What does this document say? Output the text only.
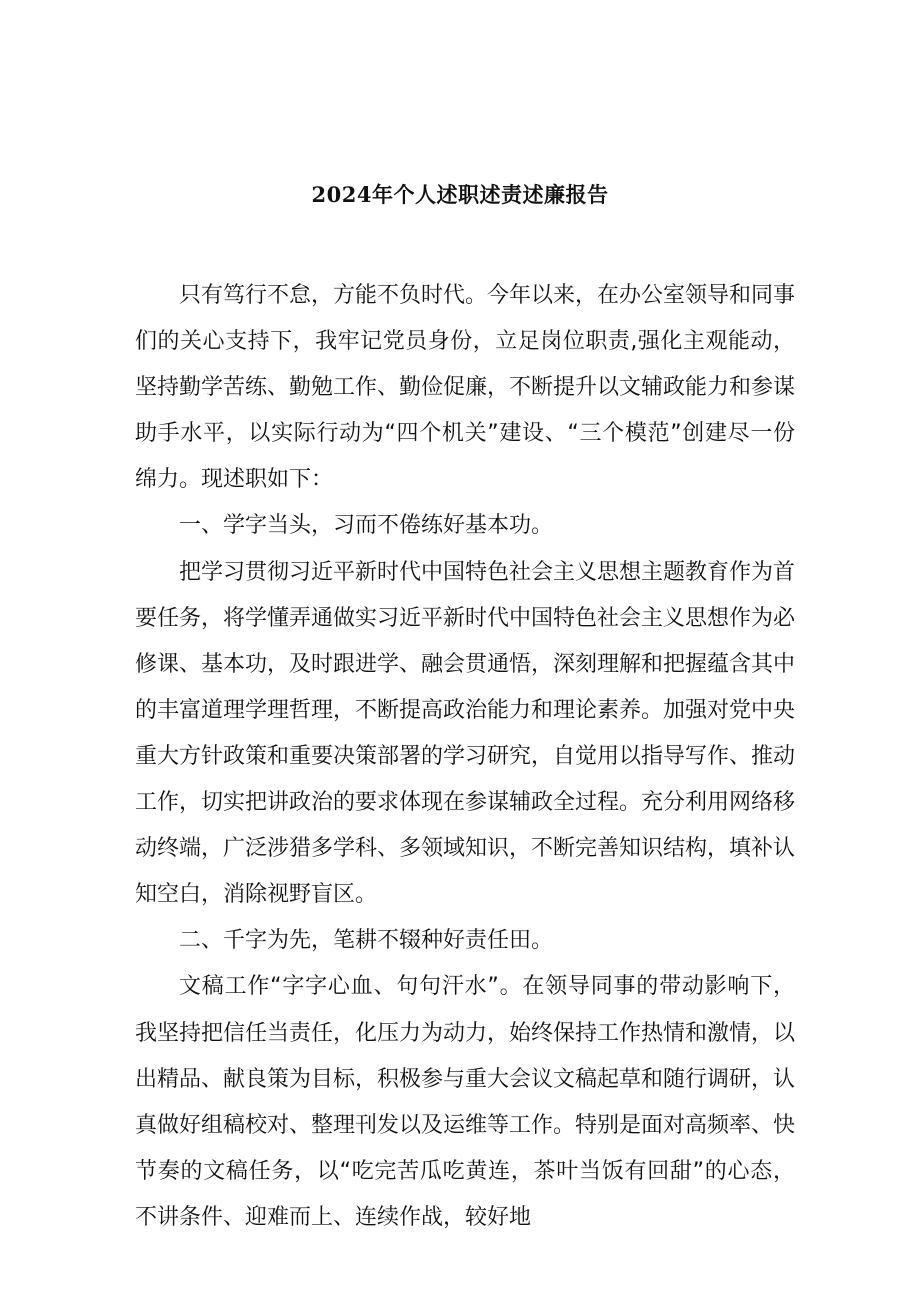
2024年个人述职述责述廉报告

只有笃行不怠，方能不负时代。今年以来，在办公室领导和同事们的关心支持下，我牢记党员身份，立足岗位职责,强化主观能动，坚持勤学苦练、勤勉工作、勤俭促廉，不断提升以文辅政能力和参谋助手水平，以实际行动为“四个机关”建设、“三个模范”创建尽一份绵力。现述职如下：

一、学字当头，习而不倦练好基本功。

把学习贯彻习近平新时代中国特色社会主义思想主题教育作为首要任务，将学懂弄通做实习近平新时代中国特色社会主义思想作为必修课、基本功，及时跟进学、融会贯通悟，深刻理解和把握蕴含其中的丰富道理学理哲理，不断提高政治能力和理论素养。加强对党中央重大方针政策和重要决策部署的学习研究，自觉用以指导写作、推动工作，切实把讲政治的要求体现在参谋辅政全过程。充分利用网络移动终端，广泛涉猎多学科、多领域知识，不断完善知识结构，填补认知空白，消除视野盲区。

二、千字为先，笔耕不辍种好责任田。

文稿工作“字字心血、句句汗水”。在领导同事的带动影响下，我坚持把信任当责任，化压力为动力，始终保持工作热情和激情，以出精品、献良策为目标，积极参与重大会议文稿起草和随行调研，认真做好组稿校对、整理刊发以及运维等工作。特别是面对高频率、快节奏的文稿任务，以“吃完苦瓜吃黄连，茶叶当饭有回甜”的心态，不讲条件、迎难而上、连续作战，较好地
